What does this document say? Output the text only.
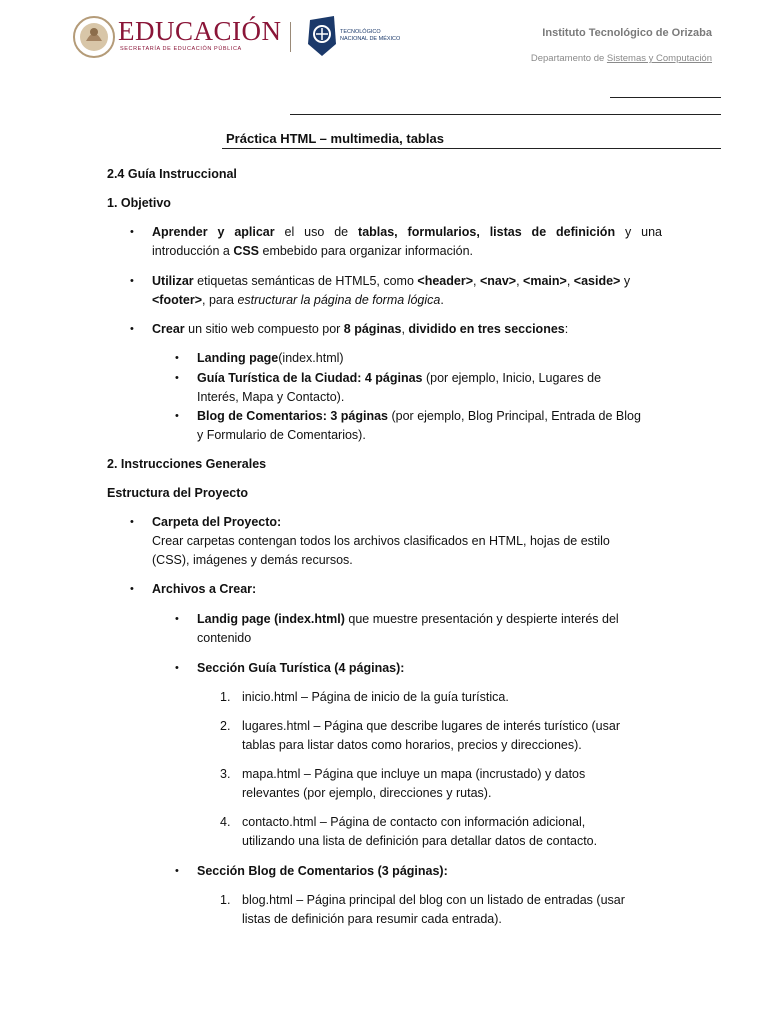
EDUCACIÓN
SECRETARÍA DE EDUCACIÓN PÚBLICA
TECNOLÓGICO
NACIONAL DE MÉXICO	Instituto Tecnológico de Orizaba
Departamento de Sistemas y Computación
Práctica HTML – multimedia, tablas
2.4 Guía Instruccional
1. Objetivo
• Aprender y aplicar el uso de tablas, formularios, listas de definición y una
introducción a CSS embebido para organizar información.
• Utilizar etiquetas semánticas de HTML5, como <header>, <nav>, <main>, <aside> y
<footer>, para estructurar la página de forma lógica.
• Crear un sitio web compuesto por 8 páginas, dividido en tres secciones:
• Landing page(index.html)
• Guía Turística de la Ciudad: 4 páginas (por ejemplo, Inicio, Lugares de
Interés, Mapa y Contacto).
• Blog de Comentarios: 3 páginas (por ejemplo, Blog Principal, Entrada de Blog
y Formulario de Comentarios).
2. Instrucciones Generales
Estructura del Proyecto
• Carpeta del Proyecto:
Crear carpetas contengan todos los archivos clasificados en HTML, hojas de estilo
(CSS), imágenes y demás recursos.
• Archivos a Crear:
• Landig page (index.html) que muestre presentación y despierte interés del
contenido
• Sección Guía Turística (4 páginas):
1. inicio.html – Página de inicio de la guía turística.
2. lugares.html – Página que describe lugares de interés turístico (usar
tablas para listar datos como horarios, precios y direcciones).
3. mapa.html – Página que incluye un mapa (incrustado) y datos
relevantes (por ejemplo, direcciones y rutas).
4. contacto.html – Página de contacto con información adicional,
utilizando una lista de definición para detallar datos de contacto.
• Sección Blog de Comentarios (3 páginas):
1. blog.html – Página principal del blog con un listado de entradas (usar
listas de definición para resumir cada entrada).
